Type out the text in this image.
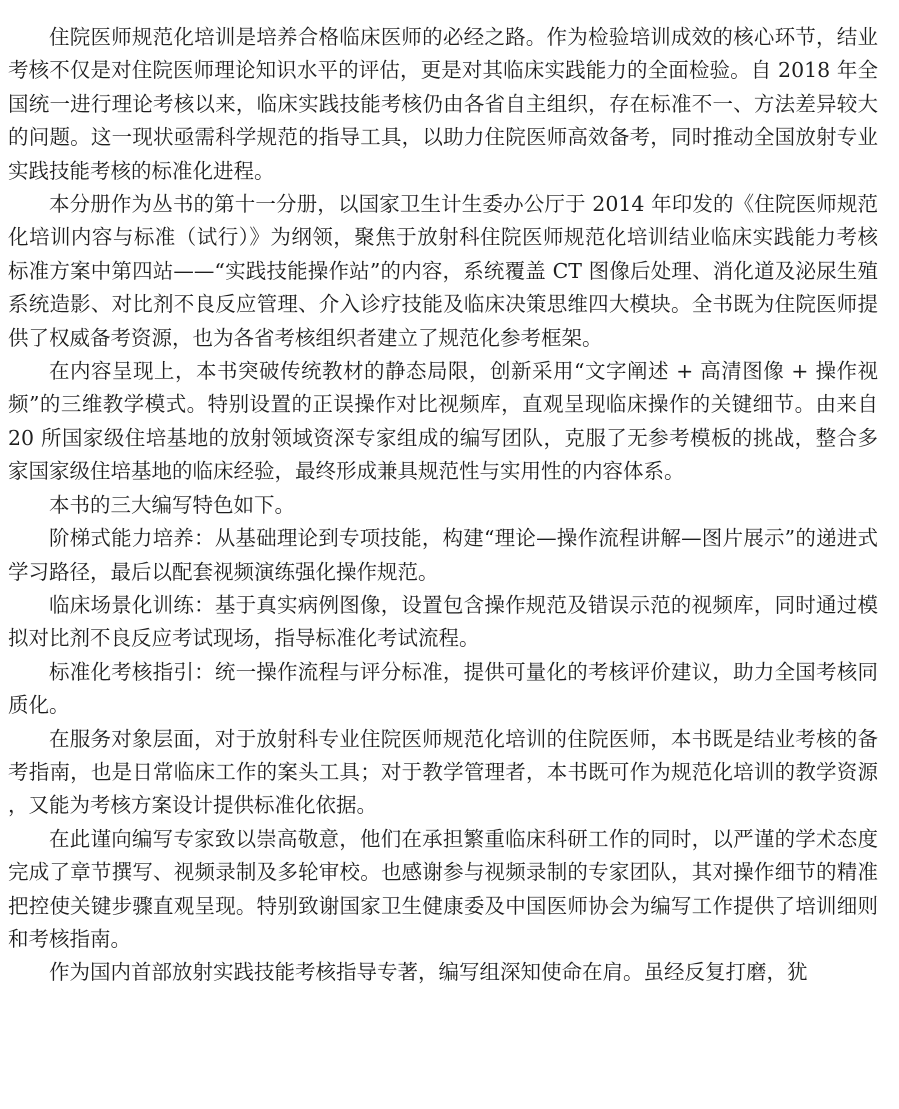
住院医师规范化培训是培养合格临床医师的必经之路。作为检验培训成效的核心环节，结业考核不仅是对住院医师理论知识水平的评估，更是对其临床实践能力的全面检验。自 2018 年全国统一进行理论考核以来，临床实践技能考核仍由各省自主组织，存在标准不一、方法差异较大的问题。这一现状亟需科学规范的指导工具，以助力住院医师高效备考，同时推动全国放射专业实践技能考核的标准化进程。

本分册作为丛书的第十一分册，以国家卫生计生委办公厅于 2014 年印发的《住院医师规范化培训内容与标准（试行）》为纲领，聚焦于放射科住院医师规范化培训结业临床实践能力考核标准方案中第四站——“实践技能操作站”的内容，系统覆盖 CT 图像后处理、消化道及泌尿生殖系统造影、对比剂不良反应管理、介入诊疗技能及临床决策思维四大模块。全书既为住院医师提供了权威备考资源，也为各省考核组织者建立了规范化参考框架。

在内容呈现上，本书突破传统教材的静态局限，创新采用“文字阐述 + 高清图像 + 操作视频”的三维教学模式。特别设置的正误操作对比视频库，直观呈现临床操作的关键细节。由来自 20 所国家级住培基地的放射领域资深专家组成的编写团队，克服了无参考模板的挑战，整合多家国家级住培基地的临床经验，最终形成兼具规范性与实用性的内容体系。

本书的三大编写特色如下。

阶梯式能力培养：从基础理论到专项技能，构建“理论—操作流程讲解—图片展示”的递进式学习路径，最后以配套视频演练强化操作规范。

临床场景化训练：基于真实病例图像，设置包含操作规范及错误示范的视频库，同时通过模拟对比剂不良反应考试现场，指导标准化考试流程。

标准化考核指引：统一操作流程与评分标准，提供可量化的考核评价建议，助力全国考核同质化。

在服务对象层面，对于放射科专业住院医师规范化培训的住院医师，本书既是结业考核的备考指南，也是日常临床工作的案头工具；对于教学管理者，本书既可作为规范化培训的教学资源，又能为考核方案设计提供标准化依据。

在此谨向编写专家致以崇高敬意，他们在承担繁重临床科研工作的同时，以严谨的学术态度完成了章节撰写、视频录制及多轮审校。也感谢参与视频录制的专家团队，其对操作细节的精准把控使关键步骤直观呈现。特别致谢国家卫生健康委及中国医师协会为编写工作提供了培训细则和考核指南。

作为国内首部放射实践技能考核指导专著，编写组深知使命在肩。虽经反复打磨，犹
